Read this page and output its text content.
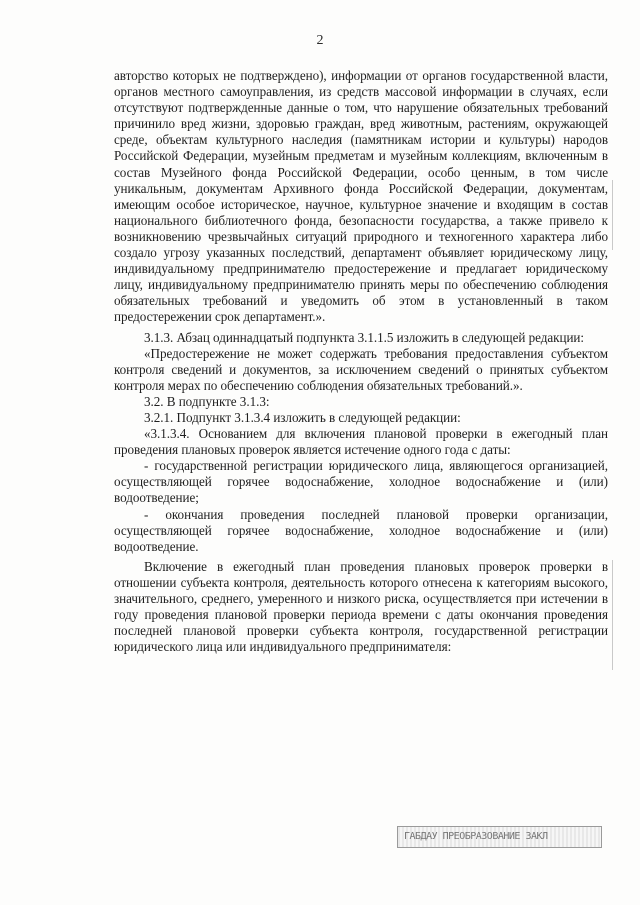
2

авторство которых не подтверждено), информации от органов государственной власти, органов местного самоуправления, из средств массовой информации в случаях, если отсутствуют подтвержденные данные о том, что нарушение обязательных требований причинило вред жизни, здоровью граждан, вред животным, растениям, окружающей среде, объектам культурного наследия (памятникам истории и культуры) народов Российской Федерации, музейным предметам и музейным коллекциям, включенным в состав Музейного фонда Российской Федерации, особо ценным, в том числе уникальным, документам Архивного фонда Российской Федерации, документам, имеющим особое историческое, научное, культурное значение и входящим в состав национального библиотечного фонда, безопасности государства, а также привело к возникновению чрезвычайных ситуаций природного и техногенного характера либо создало угрозу указанных последствий, департамент объявляет юридическому лицу, индивидуальному предпринимателю предостережение и предлагает юридическому лицу, индивидуальному предпринимателю принять меры по обеспечению соблюдения обязательных требований и уведомить об этом в установленный в таком предостережении срок департамент.».

3.1.3. Абзац одиннадцатый подпункта 3.1.1.5 изложить в следующей редакции:

«Предостережение не может содержать требования предоставления субъектом контроля сведений и документов, за исключением сведений о принятых субъектом контроля мерах по обеспечению соблюдения обязательных требований.».

3.2. В подпункте 3.1.3:

3.2.1. Подпункт 3.1.3.4 изложить в следующей редакции:

«3.1.3.4. Основанием для включения плановой проверки в ежегодный план проведения плановых проверок является истечение одного года с даты:

- государственной регистрации юридического лица, являющегося организацией, осуществляющей горячее водоснабжение, холодное водоснабжение и (или) водоотведение;

- окончания проведения последней плановой проверки организации, осуществляющей горячее водоснабжение, холодное водоснабжение и (или) водоотведение.

Включение в ежегодный план проведения плановых проверок проверки в отношении субъекта контроля, деятельность которого отнесена к категориям высокого, значительного, среднего, умеренного и низкого риска, осуществляется при истечении в году проведения плановой проверки периода времени с даты окончания проведения последней плановой проверки субъекта контроля, государственной регистрации юридического лица или индивидуального предпринимателя:

ГАБДАУ ПРЕОБРАЗОВАНИЕ ЗАКЛ
